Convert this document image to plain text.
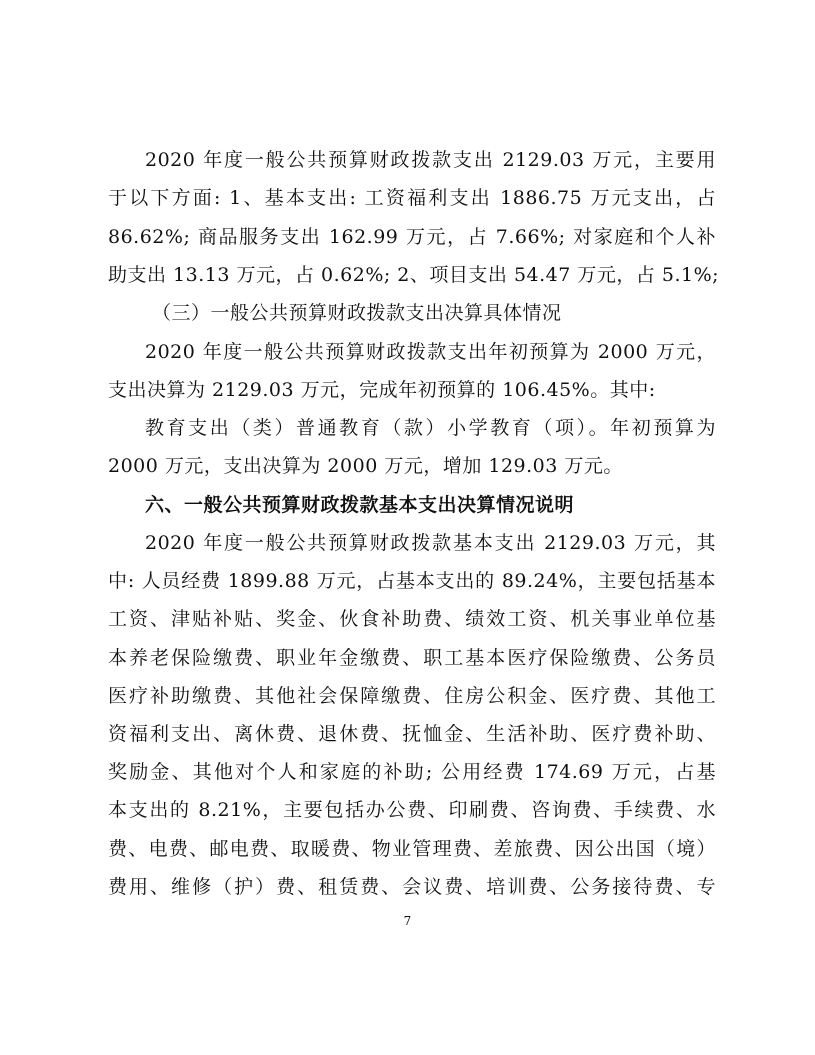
2020 年度一般公共预算财政拨款支出 2129.03 万元，主要用
于以下方面: 1、基本支出: 工资福利支出 1886.75 万元支出，占
86.62%; 商品服务支出 162.99 万元，占 7.66%; 对家庭和个人补
助支出 13.13 万元，占 0.62%; 2、项目支出 54.47 万元，占 5.1%;
（三）一般公共预算财政拨款支出决算具体情况
2020 年度一般公共预算财政拨款支出年初预算为 2000 万元，
支出决算为 2129.03 万元，完成年初预算的 106.45%。其中:
教育支出（类）普通教育（款）小学教育（项）。年初预算为
2000 万元，支出决算为 2000 万元，增加 129.03 万元。
六、一般公共预算财政拨款基本支出决算情况说明
2020 年度一般公共预算财政拨款基本支出 2129.03 万元，其
中: 人员经费 1899.88 万元，占基本支出的 89.24%，主要包括基本
工资、津贴补贴、奖金、伙食补助费、绩效工资、机关事业单位基
本养老保险缴费、职业年金缴费、职工基本医疗保险缴费、公务员
医疗补助缴费、其他社会保障缴费、住房公积金、医疗费、其他工
资福利支出、离休费、退休费、抚恤金、生活补助、医疗费补助、
奖励金、其他对个人和家庭的补助; 公用经费 174.69 万元，占基
本支出的 8.21%，主要包括办公费、印刷费、咨询费、手续费、水
费、电费、邮电费、取暖费、物业管理费、差旅费、因公出国（境）
费用、维修（护）费、租赁费、会议费、培训费、公务接待费、专
7
